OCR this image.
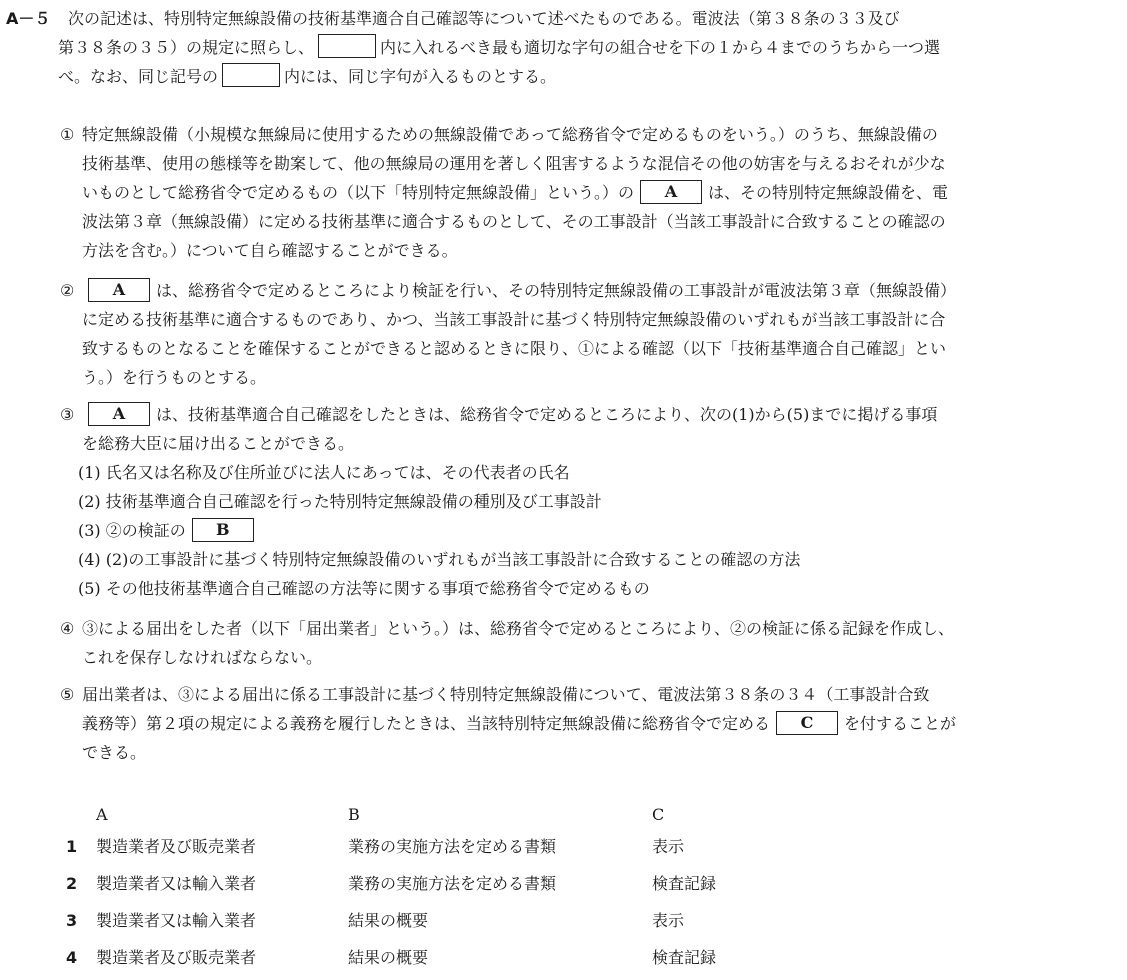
A－５ 次の記述は、特別特定無線設備の技術基準適合自己確認等について述べたものである。電波法（第３８条の３３及び
第３８条の３５）の規定に照らし、	内に入れるべき最も適切な字句の組合せを下の１から４までのうちから一つ選
べ。なお、同じ記号の	内には、同じ字句が入るものとする。
① 特定無線設備（小規模な無線局に使用するための無線設備であって総務省令で定めるものをいう。）のうち、無線設備の
技術基準、使用の態様等を勘案して、他の無線局の運用を著しく阻害するような混信その他の妨害を与えるおそれが少な
いものとして総務省令で定めるもの（以下「特別特定無線設備」という。）の A は、その特別特定無線設備を、電
波法第３章（無線設備）に定める技術基準に適合するものとして、その工事設計（当該工事設計に合致することの確認の
方法を含む。）について自ら確認することができる。
②	A は、総務省令で定めるところにより検証を行い、その特別特定無線設備の工事設計が電波法第３章（無線設備）
に定める技術基準に適合するものであり、かつ、当該工事設計に基づく特別特定無線設備のいずれもが当該工事設計に合
致するものとなることを確保することができると認めるときに限り、①による確認（以下「技術基準適合自己確認」とい
う。）を行うものとする。
③	A は、技術基準適合自己確認をしたときは、総務省令で定めるところにより、次の(1)から(5)までに掲げる事項
を総務大臣に届け出ることができる。
(1) 氏名又は名称及び住所並びに法人にあっては、その代表者の氏名
(2) 技術基準適合自己確認を行った特別特定無線設備の種別及び工事設計
(3) ②の検証の B
(4) (2)の工事設計に基づく特別特定無線設備のいずれもが当該工事設計に合致することの確認の方法
(5) その他技術基準適合自己確認の方法等に関する事項で総務省令で定めるもの
④ ③による届出をした者（以下「届出業者」という。）は、総務省令で定めるところにより、②の検証に係る記録を作成し、
これを保存しなければならない。
⑤ 届出業者は、③による届出に係る工事設計に基づく特別特定無線設備について、電波法第３８条の３４（工事設計合致
義務等）第２項の規定による義務を履行したときは、当該特別特定無線設備に総務省令で定める C を付することが
できる。
A	B	C
1	製造業者及び販売業者	業務の実施方法を定める書類	表示
2	製造業者又は輸入業者	業務の実施方法を定める書類	検査記録
3	製造業者又は輸入業者	結果の概要	表示
4	製造業者及び販売業者	結果の概要	検査記録
